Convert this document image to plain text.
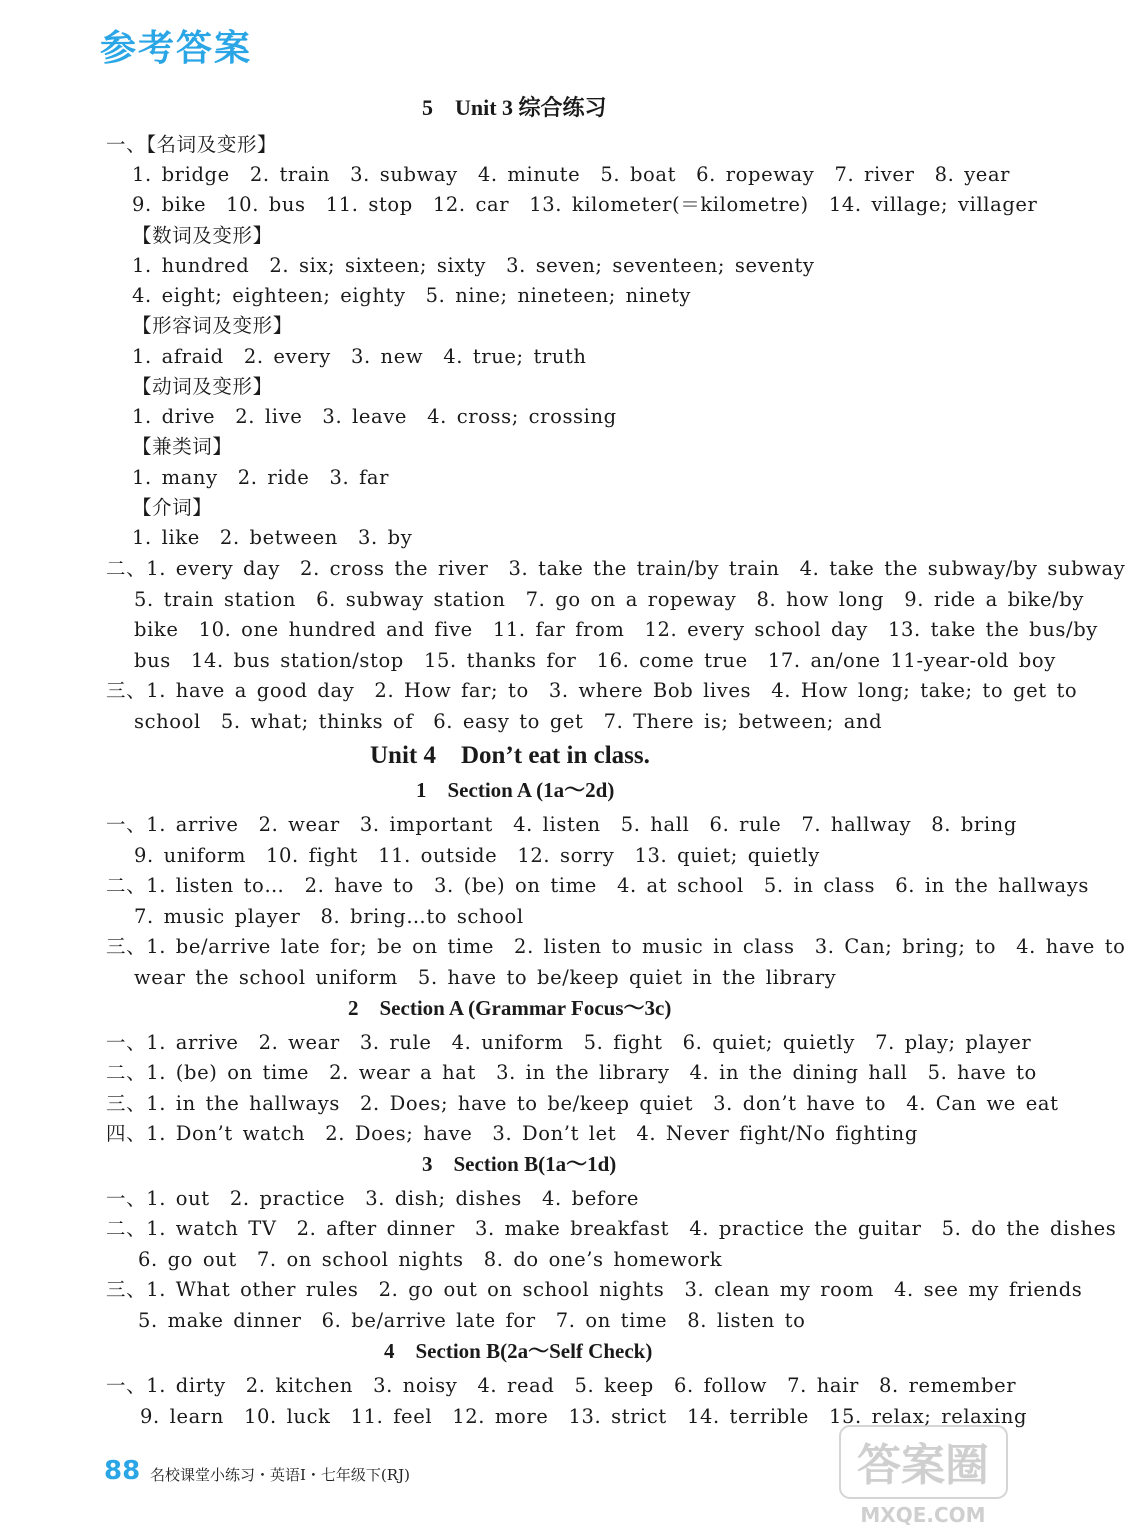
参考答案
5　Unit 3 综合练习
一、【名词及变形】
1. bridge　2. train　3. subway　4. minute　5. boat　6. ropeway　7. river　8. year
9. bike　10. bus　11. stop　12. car　13. kilometer(＝kilometre)　14. village; villager
【数词及变形】
1. hundred　2. six; sixteen; sixty　3. seven; seventeen; seventy
4. eight; eighteen; eighty　5. nine; nineteen; ninety
【形容词及变形】
1. afraid　2. every　3. new　4. true; truth
【动词及变形】
1. drive　2. live　3. leave　4. cross; crossing
【兼类词】
1. many　2. ride　3. far
【介词】
1. like　2. between　3. by
二、1. every day　2. cross the river　3. take the train/by train　4. take the subway/by subway
5. train station　6. subway station　7. go on a ropeway　8. how long　9. ride a bike/by
bike　10. one hundred and five　11. far from　12. every school day　13. take the bus/by
bus　14. bus station/stop　15. thanks for　16. come true　17. an/one 11-year-old boy
三、1. have a good day　2. How far; to　3. where Bob lives　4. How long; take; to get to
school　5. what; thinks of　6. easy to get　7. There is; between; and
Unit 4　Don’t eat in class.
1　Section A (1a～2d)
一、1. arrive　2. wear　3. important　4. listen　5. hall　6. rule　7. hallway　8. bring
9. uniform　10. fight　11. outside　12. sorry　13. quiet; quietly
二、1. listen to…　2. have to　3. (be) on time　4. at school　5. in class　6. in the hallways
7. music player　8. bring…to school
三、1. be/arrive late for; be on time　2. listen to music in class　3. Can; bring; to　4. have to
wear the school uniform　5. have to be/keep quiet in the library
2　Section A (Grammar Focus～3c)
一、1. arrive　2. wear　3. rule　4. uniform　5. fight　6. quiet; quietly　7. play; player
二、1. (be) on time　2. wear a hat　3. in the library　4. in the dining hall　5. have to
三、1. in the hallways　2. Does; have to be/keep quiet　3. don’t have to　4. Can we eat
四、1. Don’t watch　2. Does; have　3. Don’t let　4. Never fight/No fighting
3　Section B(1a～1d)
一、1. out　2. practice　3. dish; dishes　4. before
二、1. watch TV　2. after dinner　3. make breakfast　4. practice the guitar　5. do the dishes
6. go out　7. on school nights　8. do one’s homework
三、1. What other rules　2. go out on school nights　3. clean my room　4. see my friends
5. make dinner　6. be/arrive late for　7. on time　8. listen to
4　Section B(2a～Self Check)
一、1. dirty　2. kitchen　3. noisy　4. read　5. keep　6. follow　7. hair　8. remember
9. learn　10. luck　11. feel　12. more　13. strict　14. terrible　15. relax; relaxing
88 名校课堂小练习・英语Ⅰ・七年级下(RJ)	答案圈
MXQE.COM
